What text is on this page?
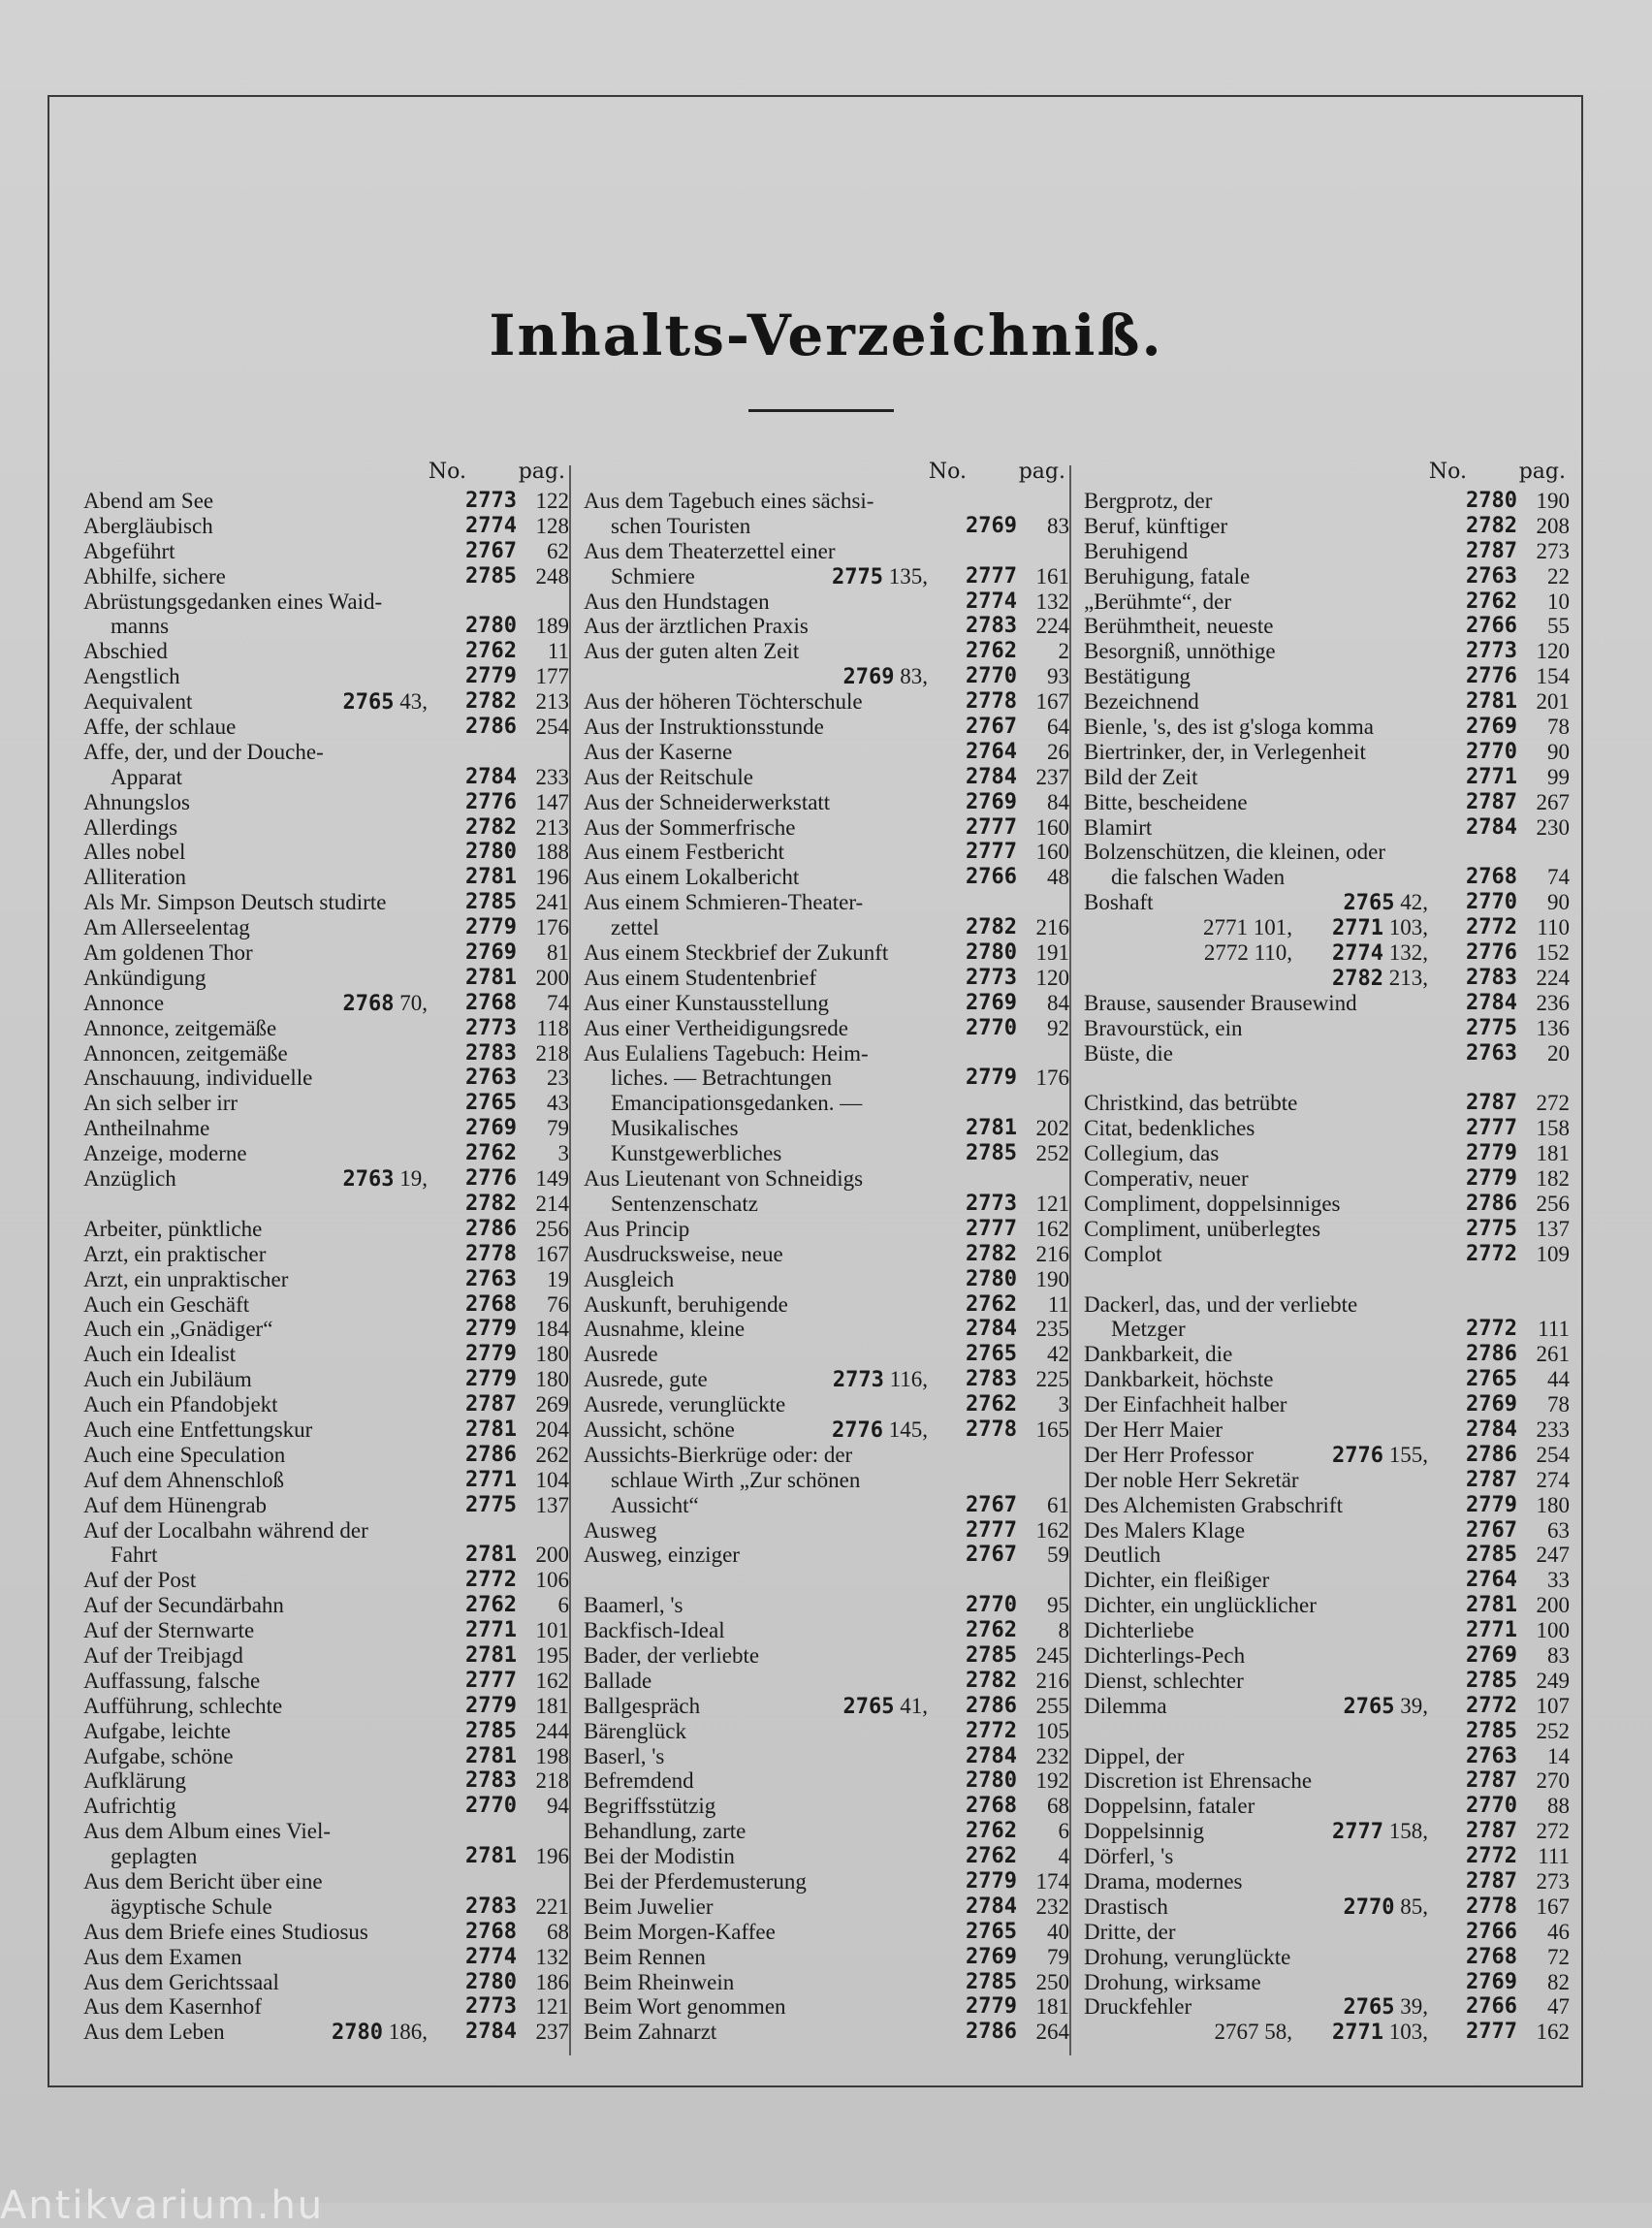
Inhalts-Verzeichniß.
No. pag.
Abend am See	2773 122
Abergläubisch	2774 128
Abgeführt	2767 62
Abhilfe, sichere	2785 248
Abrüstungsgedanken eines Waid-
manns	2780 189
Abschied	2762 11
Aengstlich	2779 177
Aequivalent	2765 43, 2782 213
Affe, der schlaue	2786 254
Affe, der, und der Douche-
Apparat	2784 233
Ahnungslos	2776 147
Allerdings	2782 213
Alles nobel	2780 188
Alliteration	2781 196
Als Mr. Simpson Deutsch studirte	2785 241
Am Allerseelentag	2779 176
Am goldenen Thor	2769 81
Ankündigung	2781 200
Annonce	2768 70, 2768 74
Annonce, zeitgemäße	2773 118
Annoncen, zeitgemäße	2783 218
Anschauung, individuelle	2763 23
An sich selber irr	2765 43
Antheilnahme	2769 79
Anzeige, moderne	2762 3
Anzüglich	2763 19, 2776 149
2782 214
Arbeiter, pünktliche	2786 256
Arzt, ein praktischer	2778 167
Arzt, ein unpraktischer	2763 19
Auch ein Geschäft	2768 76
Auch ein „Gnädiger“	2779 184
Auch ein Idealist	2779 180
Auch ein Jubiläum	2779 180
Auch ein Pfandobjekt	2787 269
Auch eine Entfettungskur	2781 204
Auch eine Speculation	2786 262
Auf dem Ahnenschloß	2771 104
Auf dem Hünengrab	2775 137
Auf der Localbahn während der
Fahrt	2781 200
Auf der Post	2772 106
Auf der Secundärbahn	2762 6
Auf der Sternwarte	2771 101
Auf der Treibjagd	2781 195
Auffassung, falsche	2777 162
Aufführung, schlechte	2779 181
Aufgabe, leichte	2785 244
Aufgabe, schöne	2781 198
Aufklärung	2783 218
Aufrichtig	2770 94
Aus dem Album eines Viel-
geplagten	2781 196
Aus dem Bericht über eine
ägyptische Schule	2783 221
Aus dem Briefe eines Studiosus	2768 68
Aus dem Examen	2774 132
Aus dem Gerichtssaal	2780 186
Aus dem Kasernhof	2773 121
Aus dem Leben	2780 186, 2784 237
No. pag.
Aus dem Tagebuch eines sächsi-
schen Touristen	2769 83
Aus dem Theaterzettel einer
Schmiere	2775 135, 2777 161
Aus den Hundstagen	2774 132
Aus der ärztlichen Praxis	2783 224
Aus der guten alten Zeit	2762 2
2769 83, 2770 93
Aus der höheren Töchterschule	2778 167
Aus der Instruktionsstunde	2767 64
Aus der Kaserne	2764 26
Aus der Reitschule	2784 237
Aus der Schneiderwerkstatt	2769 84
Aus der Sommerfrische	2777 160
Aus einem Festbericht	2777 160
Aus einem Lokalbericht	2766 48
Aus einem Schmieren-Theater-
zettel	2782 216
Aus einem Steckbrief der Zukunft	2780 191
Aus einem Studentenbrief	2773 120
Aus einer Kunstausstellung	2769 84
Aus einer Vertheidigungsrede	2770 92
Aus Eulaliens Tagebuch: Heim-
liches. — Betrachtungen	2779 176
Emancipationsgedanken. —
Musikalisches	2781 202
Kunstgewerbliches	2785 252
Aus Lieutenant von Schneidigs
Sentenzenschatz	2773 121
Aus Princip	2777 162
Ausdrucksweise, neue	2782 216
Ausgleich	2780 190
Auskunft, beruhigende	2762 11
Ausnahme, kleine	2784 235
Ausrede	2765 42
Ausrede, gute	2773 116, 2783 225
Ausrede, verunglückte	2762 3
Aussicht, schöne	2776 145, 2778 165
Aussichts-Bierkrüge oder: der
schlaue Wirth „Zur schönen
Aussicht“	2767 61
Ausweg	2777 162
Ausweg, einziger	2767 59
Baamerl, 's	2770 95
Backfisch-Ideal	2762 8
Bader, der verliebte	2785 245
Ballade	2782 216
Ballgespräch	2765 41, 2786 255
Bärenglück	2772 105
Baserl, 's	2784 232
Befremdend	2780 192
Begriffsstützig	2768 68
Behandlung, zarte	2762 6
Bei der Modistin	2762 4
Bei der Pferdemusterung	2779 174
Beim Juwelier	2784 232
Beim Morgen-Kaffee	2765 40
Beim Rennen	2769 79
Beim Rheinwein	2785 250
Beim Wort genommen	2779 181
Beim Zahnarzt	2786 264
No. pag.
Bergprotz, der	2780 190
Beruf, künftiger	2782 208
Beruhigend	2787 273
Beruhigung, fatale	2763 22
„Berühmte“, der	2762 10
Berühmtheit, neueste	2766 55
Besorgniß, unnöthige	2773 120
Bestätigung	2776 154
Bezeichnend	2781 201
Bienle, 's, des ist g'sloga komma	2769 78
Biertrinker, der, in Verlegenheit	2770 90
Bild der Zeit	2771 99
Bitte, bescheidene	2787 267
Blamirt	2784 230
Bolzenschützen, die kleinen, oder
die falschen Waden	2768 74
Boshaft	2765 42, 2770 90
2771 101, 2771 103, 2772 110
2772 110, 2774 132, 2776 152
2782 213, 2783 224
Brause, sausender Brausewind	2784 236
Bravourstück, ein	2775 136
Büste, die	2763 20
Christkind, das betrübte	2787 272
Citat, bedenkliches	2777 158
Collegium, das	2779 181
Comperativ, neuer	2779 182
Compliment, doppelsinniges	2786 256
Compliment, unüberlegtes	2775 137
Complot	2772 109
Dackerl, das, und der verliebte
Metzger	2772 111
Dankbarkeit, die	2786 261
Dankbarkeit, höchste	2765 44
Der Einfachheit halber	2769 78
Der Herr Maier	2784 233
Der Herr Professor	2776 155, 2786 254
Der noble Herr Sekretär	2787 274
Des Alchemisten Grabschrift	2779 180
Des Malers Klage	2767 63
Deutlich	2785 247
Dichter, ein fleißiger	2764 33
Dichter, ein unglücklicher	2781 200
Dichterliebe	2771 100
Dichterlings-Pech	2769 83
Dienst, schlechter	2785 249
Dilemma	2765 39, 2772 107
2785 252
Dippel, der	2763 14
Discretion ist Ehrensache	2787 270
Doppelsinn, fataler	2770 88
Doppelsinnig	2777 158, 2787 272
Dörferl, 's	2772 111
Drama, modernes	2787 273
Drastisch	2770 85, 2778 167
Dritte, der	2766 46
Drohung, verunglückte	2768 72
Drohung, wirksame	2769 82
Druckfehler	2765 39, 2766 47
2767 58, 2771 103, 2777 162
Antikvarium.hu
